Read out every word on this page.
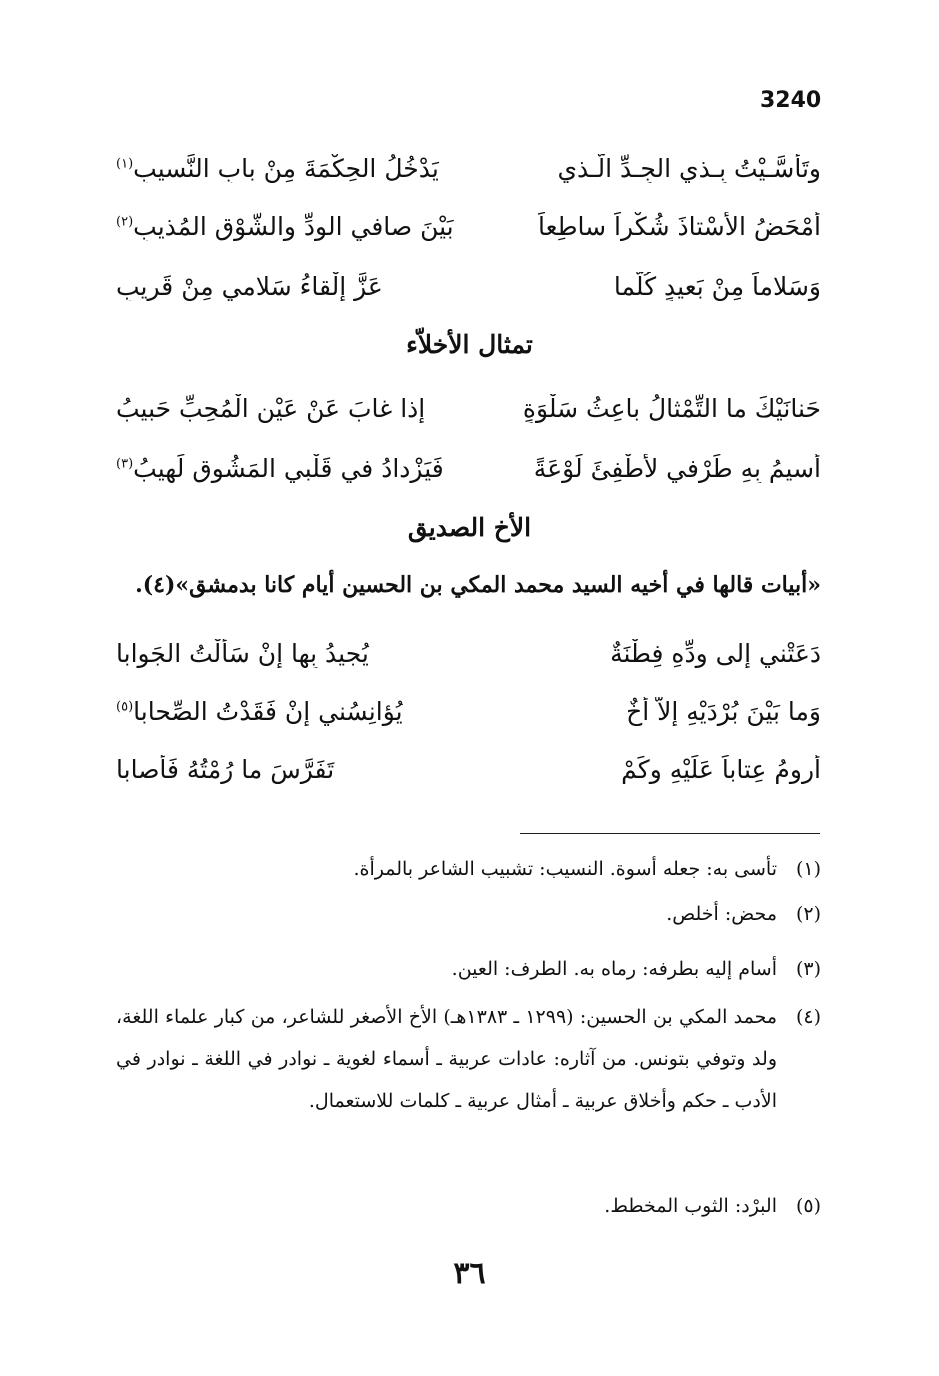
3240
وتَأَسَّـيْتُ بِـذي الجِـدِّ الَّـذي
يَدْخُلُ الحِكْمَةَ مِنْ بابِ النَّسيبِ$^{(١)}$
أَمْحَضُ الأُسْتاذَ شُكْراً ساطِعاً
بَيْنَ صافي الودِّ والشَّوْقِ المُذيبِ$^{(٢)}$
وَسَلاماً مِنْ بَعيدٍ كُلَّما
عَزَّ إلْقاءُ سَلامي مِنْ قَريبِ
تمثال الأخلاّء
حَنانَيْكَ ما التِّمْثالُ باعِثُ سَلْوَةٍ
إذا غابَ عَنْ عَيْنِ الْمُحِبِّ حَبيبُ
أُسيمُ بِهِ طَرْفي لأُطْفِئَ لَوْعَةً
فَيَزْدادُ في قَلْبي المَشُوقِ لَهيبُ$^{(٣)}$
الأخ الصديق
«أبيات قالها في أخيه السيد محمد المكي بن الحسين أيام كانا بدمشق»(٤).
دَعَتْني إلى وِدِّهِ فِطْنَةٌ
يُجيدُ بِها إنْ سَأَلْتُ الجَوابا
وَما بَيْنَ بُرْدَيْهِ إلاَّ أَخٌ
يُؤانِسُني إنْ فَقَدْتُ الصِّحابا$^{(٥)}$
أَرومُ عِتاباً عَلَيْهِ وكَمْ
تَفَرَّسَ ما رُمْتُهُ فَأَصابا
(١)
تأسى به: جعله أسوة. النسيب: تشبيب الشاعر بالمرأة.
(٢)
محض: أخلص.
(٣)
أسام إليه بطرفه: رماه به. الطرف: العين.
(٤)
محمد المكي بن الحسين: (١٢٩٩ ـ ١٣٨٣هـ) الأخ الأصغر للشاعر، من كبار علماء اللغة، ولد وتوفي بتونس. من آثاره: عادات عربية ـ أسماء لغوية ـ نوادر في اللغة ـ نوادر في الأدب ـ حكم وأخلاق عربية ـ أمثال عربية ـ كلمات للاستعمال.
(٥)
البرْد: الثوب المخطط.
٣٦
